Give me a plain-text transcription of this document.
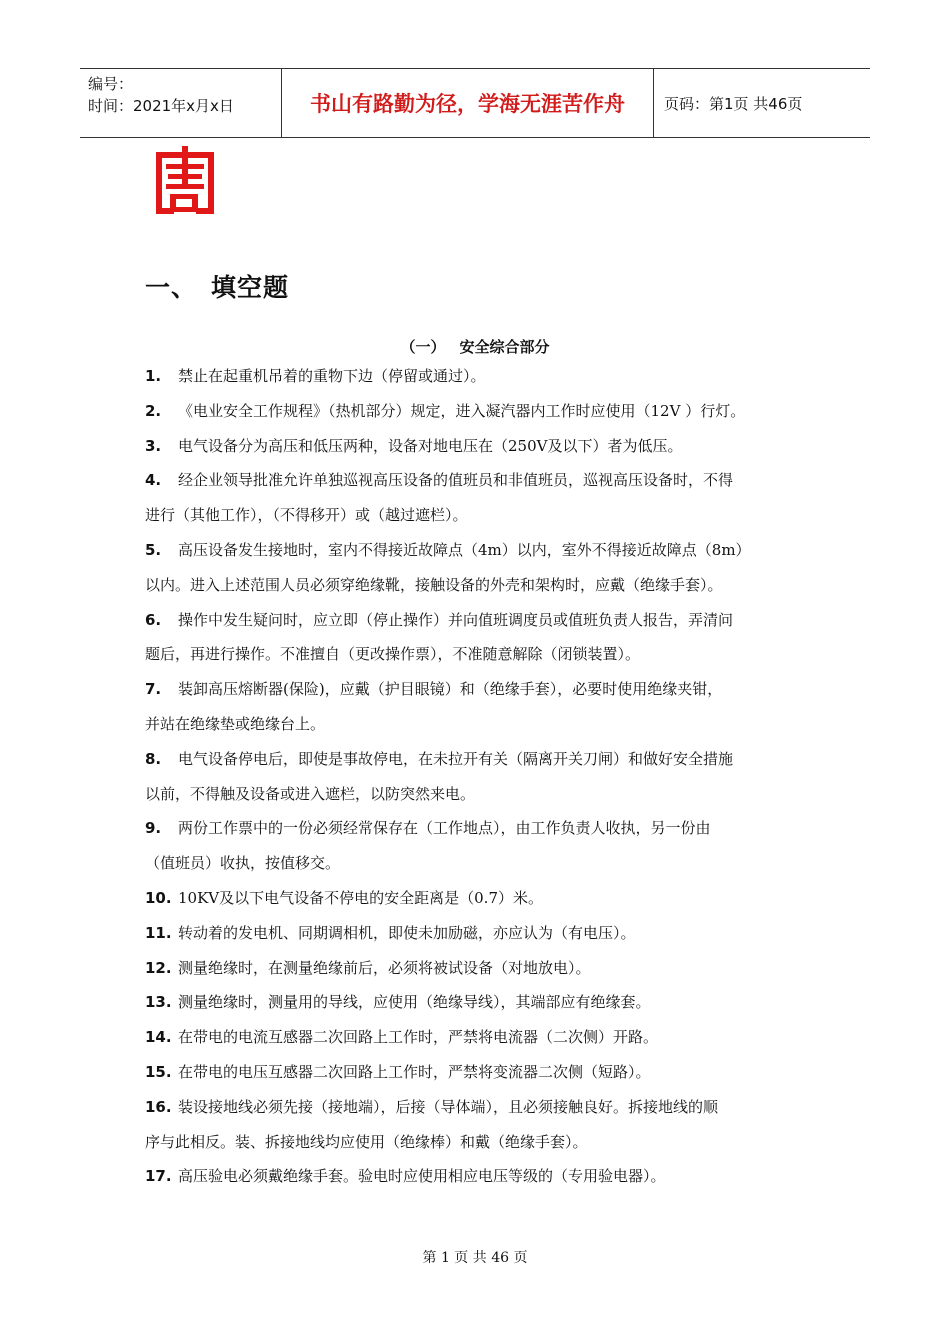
编号：
时间：2021年x月x日	书山有路勤为径，学海无涯苦作舟	页码：第1页 共46页
一、 填空题
（一） 安全综合部分
1. 禁止在起重机吊着的重物下边（停留或通过）。
2. 《电业安全工作规程》（热机部分）规定，进入凝汽器内工作时应使用（12V ）行灯。
3. 电气设备分为高压和低压两种，设备对地电压在（250V及以下）者为低压。
4. 经企业领导批准允许单独巡视高压设备的值班员和非值班员，巡视高压设备时，不得
进行（其他工作），（不得移开）或（越过遮栏）。
5. 高压设备发生接地时，室内不得接近故障点（4m）以内，室外不得接近故障点（8m）
以内。进入上述范围人员必须穿绝缘靴，接触设备的外壳和架构时，应戴（绝缘手套）。
6. 操作中发生疑问时，应立即（停止操作）并向值班调度员或值班负责人报告，弄清问
题后，再进行操作。不准擅自（更改操作票），不准随意解除（闭锁装置）。
7. 装卸高压熔断器(保险)，应戴（护目眼镜）和（绝缘手套），必要时使用绝缘夹钳，
并站在绝缘垫或绝缘台上。
8. 电气设备停电后，即使是事故停电，在未拉开有关（隔离开关刀闸）和做好安全措施
以前，不得触及设备或进入遮栏，以防突然来电。
9. 两份工作票中的一份必须经常保存在（工作地点），由工作负责人收执，另一份由
（值班员）收执，按值移交。
10. 10KV及以下电气设备不停电的安全距离是（0.7）米。
11. 转动着的发电机、同期调相机，即使未加励磁，亦应认为（有电压）。
12. 测量绝缘时，在测量绝缘前后，必须将被试设备（对地放电）。
13. 测量绝缘时，测量用的导线，应使用（绝缘导线），其端部应有绝缘套。
14. 在带电的电流互感器二次回路上工作时，严禁将电流器（二次侧）开路。
15. 在带电的电压互感器二次回路上工作时，严禁将变流器二次侧（短路）。
16. 装设接地线必须先接（接地端），后接（导体端），且必须接触良好。拆接地线的顺
序与此相反。装、拆接地线均应使用（绝缘棒）和戴（绝缘手套）。
17. 高压验电必须戴绝缘手套。验电时应使用相应电压等级的（专用验电器）。
第 1 页 共 46 页
